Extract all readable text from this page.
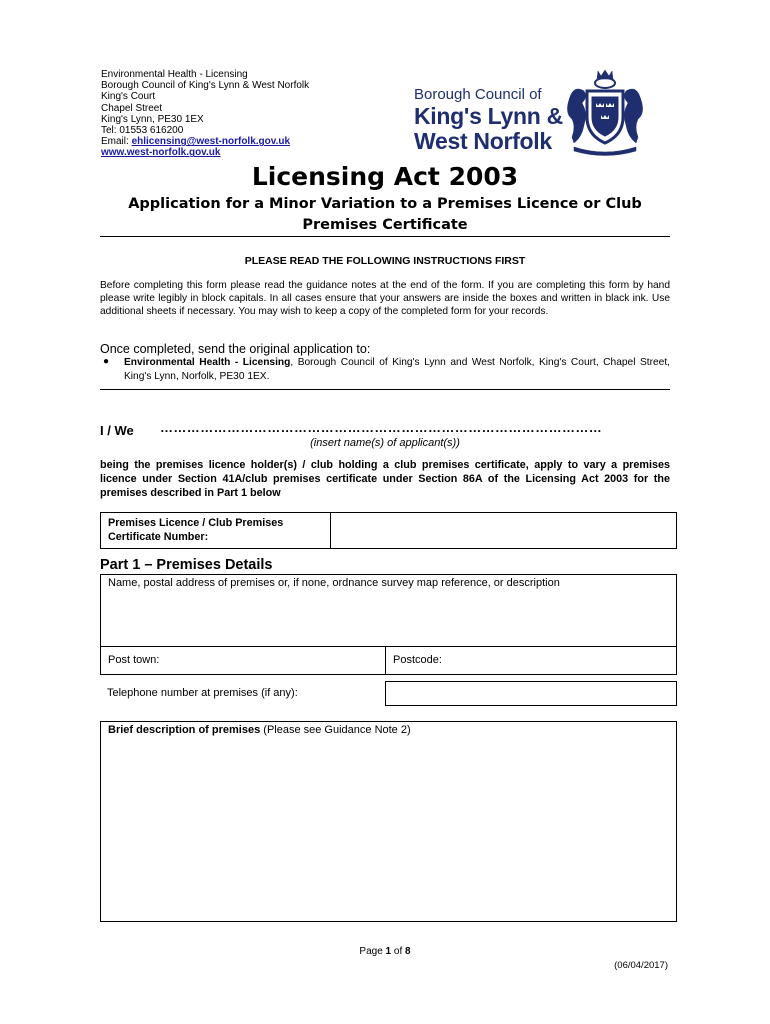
Environmental Health - Licensing
Borough Council of King's Lynn & West Norfolk
King's Court
Chapel Street
King's Lynn, PE30 1EX
Tel: 01553 616200
Email: ehlicensing@west-norfolk.gov.uk
www.west-norfolk.gov.uk
Borough Council of
King's Lynn &
West Norfolk
Licensing Act 2003
Application for a Minor Variation to a Premises Licence or Club Premises Certificate
PLEASE READ THE FOLLOWING INSTRUCTIONS FIRST
Before completing this form please read the guidance notes at the end of the form. If you are completing this form by hand please write legibly in block capitals. In all cases ensure that your answers are inside the boxes and written in black ink. Use additional sheets if necessary. You may wish to keep a copy of the completed form for your records.
Once completed, send the original application to:
● Environmental Health - Licensing, Borough Council of King's Lynn and West Norfolk, King's Court, Chapel Street, King's Lynn, Norfolk, PE30 1EX.
I / We ………………………………………………………………………………………
(insert name(s) of applicant(s))
being the premises licence holder(s) / club holding a club premises certificate, apply to vary a premises licence under Section 41A/club premises certificate under Section 86A of the Licensing Act 2003 for the premises described in Part 1 below
Premises Licence / Club Premises Certificate Number:
Part 1 – Premises Details
Name, postal address of premises or, if none, ordnance survey map reference, or description
Post town:	Postcode:
Telephone number at premises (if any):
Brief description of premises (Please see Guidance Note 2)
Page 1 of 8
(06/04/2017)
